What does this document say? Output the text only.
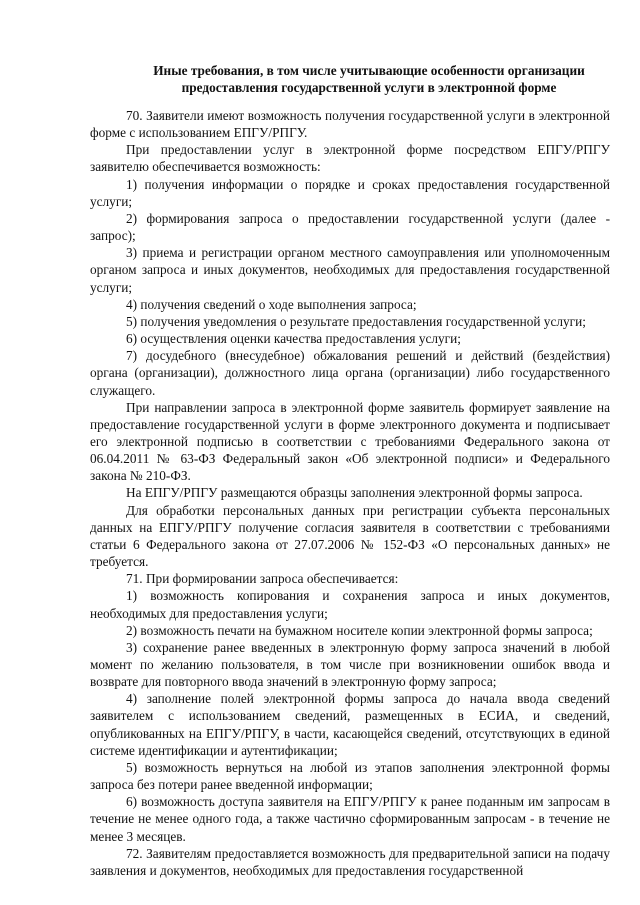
Иные требования, в том числе учитывающие особенности организации
предоставления государственной услуги в электронной форме

70. Заявители имеют возможность получения государственной услуги в электронной форме с использованием ЕПГУ/РПГУ.

При предоставлении услуг в электронной форме посредством ЕПГУ/РПГУ заявителю обеспечивается возможность:

1) получения информации о порядке и сроках предоставления государственной услуги;

2) формирования запроса о предоставлении государственной услуги (далее - запрос);

3) приема и регистрации органом местного самоуправления или уполномоченным органом запроса и иных документов, необходимых для предоставления государственной услуги;

4) получения сведений о ходе выполнения запроса;

5) получения уведомления о результате предоставления государственной услуги;

6) осуществления оценки качества предоставления услуги;

7) досудебного (внесудебное) обжалования решений и действий (бездействия) органа (организации), должностного лица органа (организации) либо государственного служащего.

При направлении запроса в электронной форме заявитель формирует заявление на предоставление государственной услуги в форме электронного документа и подписывает его электронной подписью в соответствии с требованиями Федерального закона от 06.04.2011 № 63-ФЗ Федеральный закон «Об электронной подписи» и Федерального закона № 210-ФЗ.

На ЕПГУ/РПГУ размещаются образцы заполнения электронной формы запроса.

Для обработки персональных данных при регистрации субъекта персональных данных на ЕПГУ/РПГУ получение согласия заявителя в соответствии с требованиями статьи 6 Федерального закона от 27.07.2006 № 152-ФЗ «О персональных данных» не требуется.

71. При формировании запроса обеспечивается:

1) возможность копирования и сохранения запроса и иных документов, необходимых для предоставления услуги;

2) возможность печати на бумажном носителе копии электронной формы запроса;

3) сохранение ранее введенных в электронную форму запроса значений в любой момент по желанию пользователя, в том числе при возникновении ошибок ввода и возврате для повторного ввода значений в электронную форму запроса;

4) заполнение полей электронной формы запроса до начала ввода сведений заявителем с использованием сведений, размещенных в ЕСИА, и сведений, опубликованных на ЕПГУ/РПГУ, в части, касающейся сведений, отсутствующих в единой системе идентификации и аутентификации;

5) возможность вернуться на любой из этапов заполнения электронной формы запроса без потери ранее введенной информации;

6) возможность доступа заявителя на ЕПГУ/РПГУ к ранее поданным им запросам в течение не менее одного года, а также частично сформированным запросам - в течение не менее 3 месяцев.

72. Заявителям предоставляется возможность для предварительной записи на подачу заявления и документов, необходимых для предоставления государственной
